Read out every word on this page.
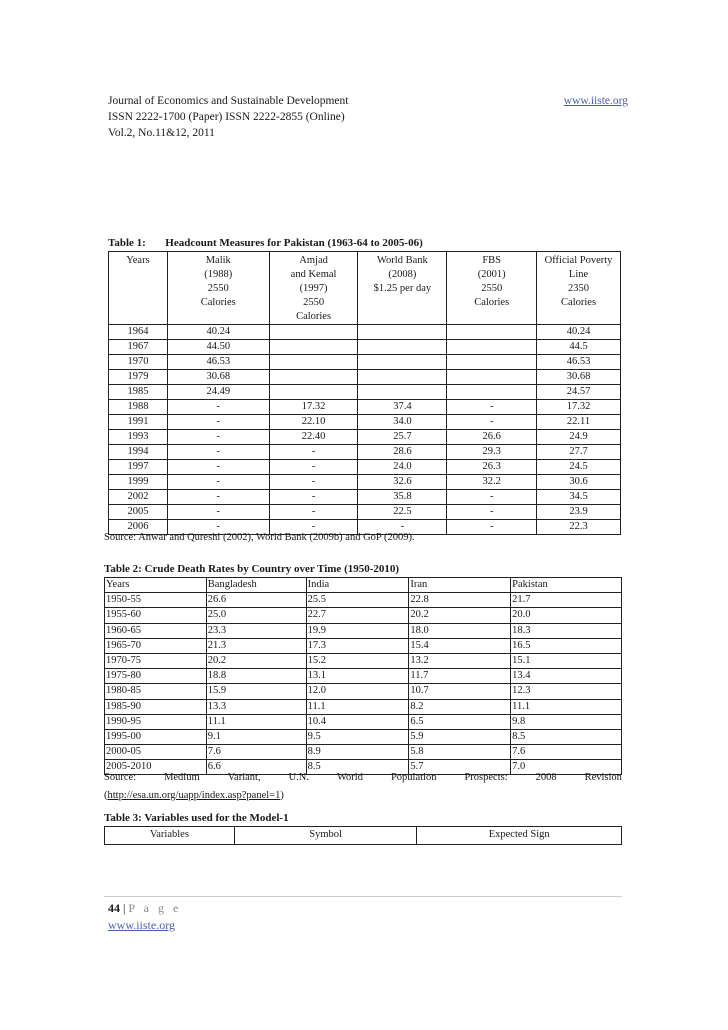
Journal of Economics and Sustainable Development
ISSN 2222-1700 (Paper) ISSN 2222-2855 (Online)
Vol.2, No.11&12, 2011
www.iiste.org
Table 1: Headcount Measures for Pakistan (1963-64 to 2005-06)
Years	Malik
(1988)
2550
Calories	Amjad
and Kemal
(1997)
2550
Calories	World Bank
(2008)
$1.25 per day	FBS
(2001)
2550
Calories	Official Poverty
Line
2350
Calories

1964	40.24				40.24
1967	44.50				44.5
1970	46.53				46.53
1979	30.68				30.68
1985	24.49				24.57
1988	-	17.32	37.4	-	17.32
1991	-	22.10	34.0	-	22.11
1993	-	22.40	25.7	26.6	24.9
1994	-	-	28.6	29.3	27.7
1997	-	-	24.0	26.3	24.5
1999	-	-	32.6	32.2	30.6
2002	-	-	35.8	-	34.5
2005	-	-	22.5	-	23.9
2006	-	-	-	-	22.3
Source: Anwar and Qureshi (2002), World Bank (2009b) and GoP (2009).
Table 2: Crude Death Rates by Country over Time (1950-2010)
Years	Bangladesh	India	Iran	Pakistan
1950-55	26.6	25.5	22.8	21.7
1955-60	25.0	22.7	20.2	20.0
1960-65	23.3	19.9	18.0	18.3
1965-70	21.3	17.3	15.4	16.5
1970-75	20.2	15.2	13.2	15.1
1975-80	18.8	13.1	11.7	13.4
1980-85	15.9	12.0	10.7	12.3
1985-90	13.3	11.1	8.2	11.1
1990-95	11.1	10.4	6.5	9.8
1995-00	9.1	9.5	5.9	8.5
2000-05	7.6	8.9	5.8	7.6
2005-2010	6.6	8.5	5.7	7.0
Source:	Medium	Variant,	U.N.	World	Population	Prospects:	2008	Revision
(http://esa.un.org/uapp/index.asp?panel=1)
Table 3: Variables used for the Model-1
Variables	Symbol	Expected Sign
44 | P a g e
www.iiste.org
